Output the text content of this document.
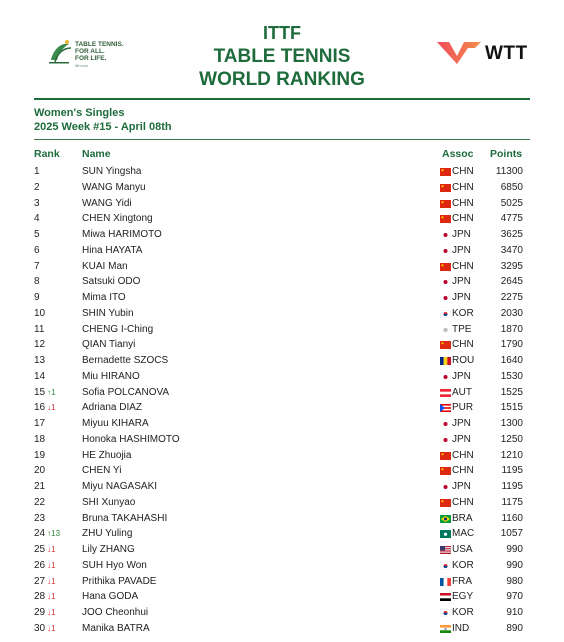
TABLE TENNIS.
FOR ALL.
FOR LIFE.
ittf.com
ITTF
TABLE TENNIS
WORLD RANKING
WTT
Women's Singles
2025 Week #15 - April 08th
Rank Name	Assoc Points
1	SUN Yingsha	CHN 11300
2	WANG Manyu	CHN	6850
3	WANG Yidi	CHN	5025
4	CHEN Xingtong	CHN	4775
5	Miwa HARIMOTO	JPN	3625
6	Hina HAYATA	JPN	3470
7	KUAI Man	CHN	3295
8	Satsuki ODO	JPN	2645
9	Mima ITO	JPN	2275
10	SHIN Yubin	KOR	2030
11	CHENG I-Ching	TPE	1870
12	QIAN Tianyi	CHN	1790
13	Bernadette SZOCS	ROU	1640
14	Miu HIRANO	JPN	1530
15 ↑1	Sofia POLCANOVA	AUT	1525
16 ↓1	Adriana DIAZ	PUR	1515
17	Miyuu KIHARA	JPN	1300
18	Honoka HASHIMOTO	JPN	1250
19	HE Zhuojia	CHN	1210
20	CHEN Yi	CHN	1195
21	Miyu NAGASAKI	JPN	1195
22	SHI Xunyao	CHN	1175
23	Bruna TAKAHASHI	BRA	1160
24 ↑13 ZHU Yuling	MAC	1057
25 ↓1	Lily ZHANG	USA	990
26 ↓1	SUH Hyo Won	KOR	990
27 ↓1	Prithika PAVADE	FRA	980
28 ↓1	Hana GODA	EGY	970
29 ↓1	JOO Cheonhui	KOR	910
30 ↓1	Manika BATRA	IND	890
